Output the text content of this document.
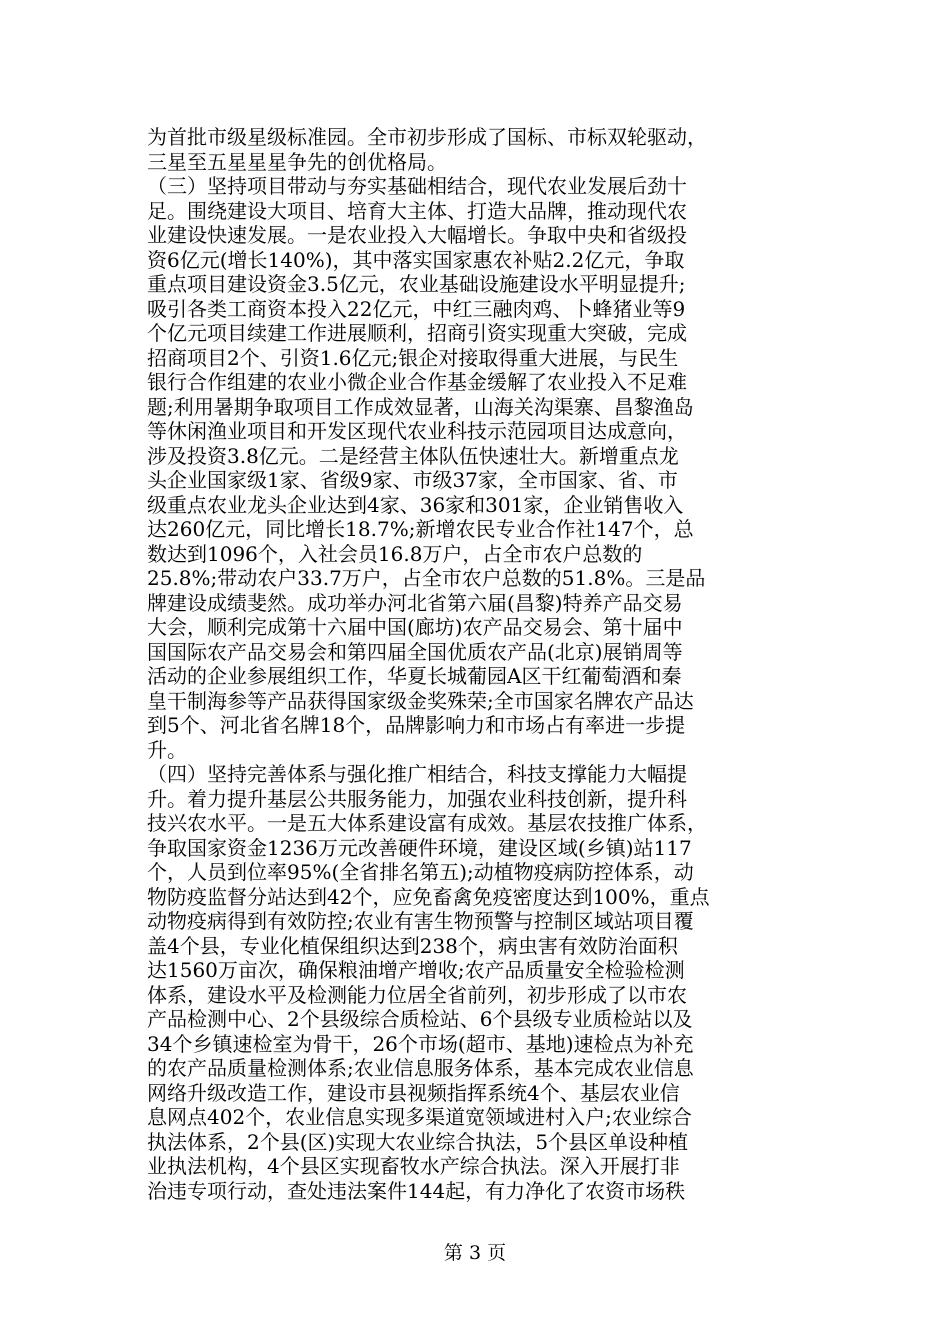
为首批市级星级标准园。全市初步形成了国标、市标双轮驱动，
三星至五星星星争先的创优格局。
（三）坚持项目带动与夯实基础相结合，现代农业发展后劲十
足。围绕建设大项目、培育大主体、打造大品牌，推动现代农
业建设快速发展。一是农业投入大幅增长。争取中央和省级投
资6亿元(增长140%)，其中落实国家惠农补贴2.2亿元，争取
重点项目建设资金3.5亿元，农业基础设施建设水平明显提升;
吸引各类工商资本投入22亿元，中红三融肉鸡、卜蜂猪业等9
个亿元项目续建工作进展顺利，招商引资实现重大突破，完成
招商项目2个、引资1.6亿元;银企对接取得重大进展，与民生
银行合作组建的农业小微企业合作基金缓解了农业投入不足难
题;利用暑期争取项目工作成效显著，山海关沟渠寨、昌黎渔岛
等休闲渔业项目和开发区现代农业科技示范园项目达成意向，
涉及投资3.8亿元。二是经营主体队伍快速壮大。新增重点龙
头企业国家级1家、省级9家、市级37家，全市国家、省、市
级重点农业龙头企业达到4家、36家和301家，企业销售收入
达260亿元，同比增长18.7%;新增农民专业合作社147个，总
数达到1096个，入社会员16.8万户，占全市农户总数的
25.8%;带动农户33.7万户，占全市农户总数的51.8%。三是品
牌建设成绩斐然。成功举办河北省第六届(昌黎)特养产品交易
大会，顺利完成第十六届中国(廊坊)农产品交易会、第十届中
国国际农产品交易会和第四届全国优质农产品(北京)展销周等
活动的企业参展组织工作，华夏长城葡园A区干红葡萄酒和秦
皇干制海参等产品获得国家级金奖殊荣;全市国家名牌农产品达
到5个、河北省名牌18个，品牌影响力和市场占有率进一步提
升。
（四）坚持完善体系与强化推广相结合，科技支撑能力大幅提
升。着力提升基层公共服务能力，加强农业科技创新，提升科
技兴农水平。一是五大体系建设富有成效。基层农技推广体系，
争取国家资金1236万元改善硬件环境，建设区域(乡镇)站117
个，人员到位率95%(全省排名第五);动植物疫病防控体系，动
物防疫监督分站达到42个，应免畜禽免疫密度达到100%，重点
动物疫病得到有效防控;农业有害生物预警与控制区域站项目覆
盖4个县，专业化植保组织达到238个，病虫害有效防治面积
达1560万亩次，确保粮油增产增收;农产品质量安全检验检测
体系，建设水平及检测能力位居全省前列，初步形成了以市农
产品检测中心、2个县级综合质检站、6个县级专业质检站以及
34个乡镇速检室为骨干，26个市场(超市、基地)速检点为补充
的农产品质量检测体系;农业信息服务体系，基本完成农业信息
网络升级改造工作，建设市县视频指挥系统4个、基层农业信
息网点402个，农业信息实现多渠道宽领域进村入户;农业综合
执法体系，2个县(区)实现大农业综合执法，5个县区单设种植
业执法机构，4个县区实现畜牧水产综合执法。深入开展打非
治违专项行动，查处违法案件144起，有力净化了农资市场秩
第 3 页
